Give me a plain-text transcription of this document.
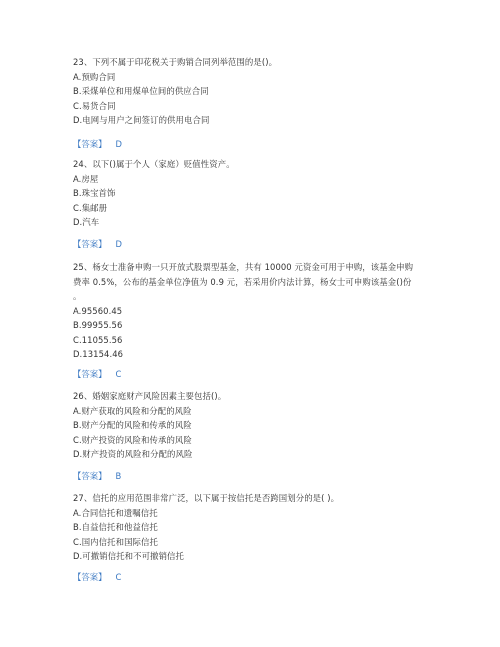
23、下列不属于印花税关于购销合同列举范围的是()。
A.预购合同
B.采煤单位和用煤单位间的供应合同
C.易货合同
D.电网与用户之间签订的供用电合同
【答案】 D
24、以下()属于个人（家庭）贬值性资产。
A.房屋
B.珠宝首饰
C.集邮册
D.汽车
【答案】 D
25、杨女士准备申购一只开放式股票型基金，共有 10000 元资金可用于申购，该基金申购
费率 0.5%，公布的基金单位净值为 0.9 元，若采用价内法计算，杨女士可申购该基金()份
。
A.95560.45
B.99955.56
C.11055.56
D.13154.46
【答案】 C
26、婚姻家庭财产风险因素主要包括()。
A.财产获取的风险和分配的风险
B.财产分配的风险和传承的风险
C.财产投资的风险和传承的风险
D.财产投资的风险和分配的风险
【答案】 B
27、信托的应用范围非常广泛，以下属于按信托是否跨国划分的是( )。
A.合同信托和遗嘱信托
B.自益信托和他益信托
C.国内信托和国际信托
D.可撤销信托和不可撤销信托
【答案】 C
